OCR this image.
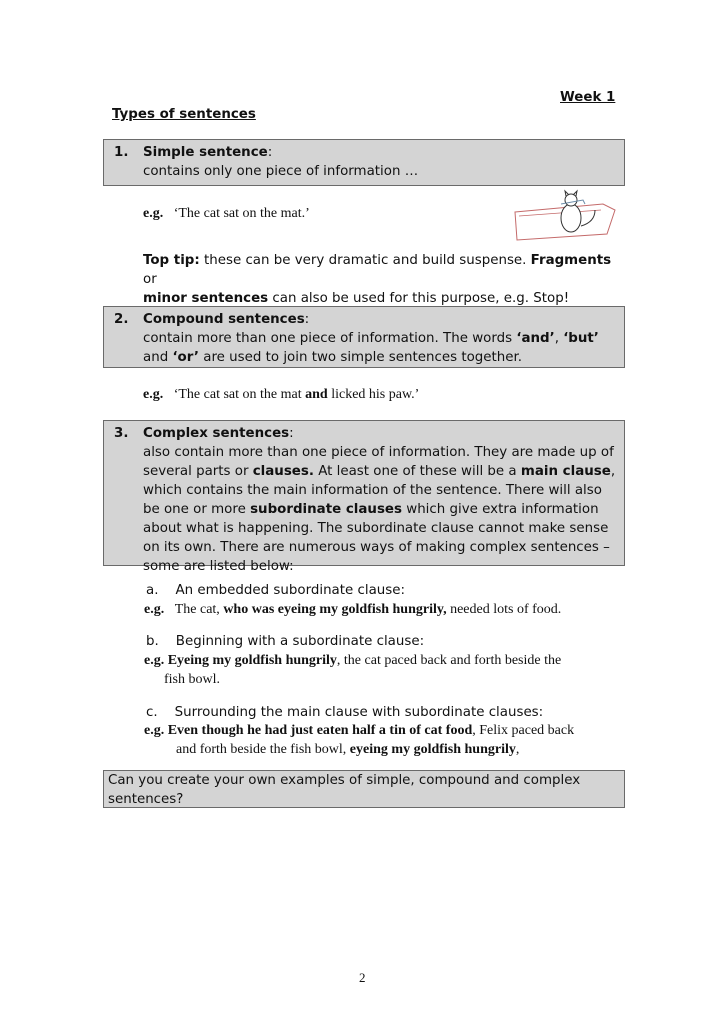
Week 1
Types of sentences
1. Simple sentence:
contains only one piece of information …
e.g. ‘The cat sat on the mat.’
Top tip: these can be very dramatic and build suspense. Fragments or
minor sentences can also be used for this purpose, e.g. Stop!
2. Compound sentences:
contain more than one piece of information. The words ‘and’, ‘but’
and ‘or’ are used to join two simple sentences together.
e.g. ‘The cat sat on the mat and licked his paw.’
3. Complex sentences:
also contain more than one piece of information. They are made up of several parts or clauses. At least one of these will be a main clause, which contains the main information of the sentence. There will also be one or more subordinate clauses which give extra information about what is happening. The subordinate clause cannot make sense on its own. There are numerous ways of making complex sentences – some are listed below:
a. An embedded subordinate clause:
e.g. The cat, who was eyeing my goldfish hungrily, needed lots of food.
b. Beginning with a subordinate clause:
e.g. Eyeing my goldfish hungrily, the cat paced back and forth beside the
fish bowl.
c. Surrounding the main clause with subordinate clauses:
e.g. Even though he had just eaten half a tin of cat food, Felix paced back
and forth beside the fish bowl, eyeing my goldfish hungrily,
Can you create your own examples of simple, compound and complex sentences?
2
